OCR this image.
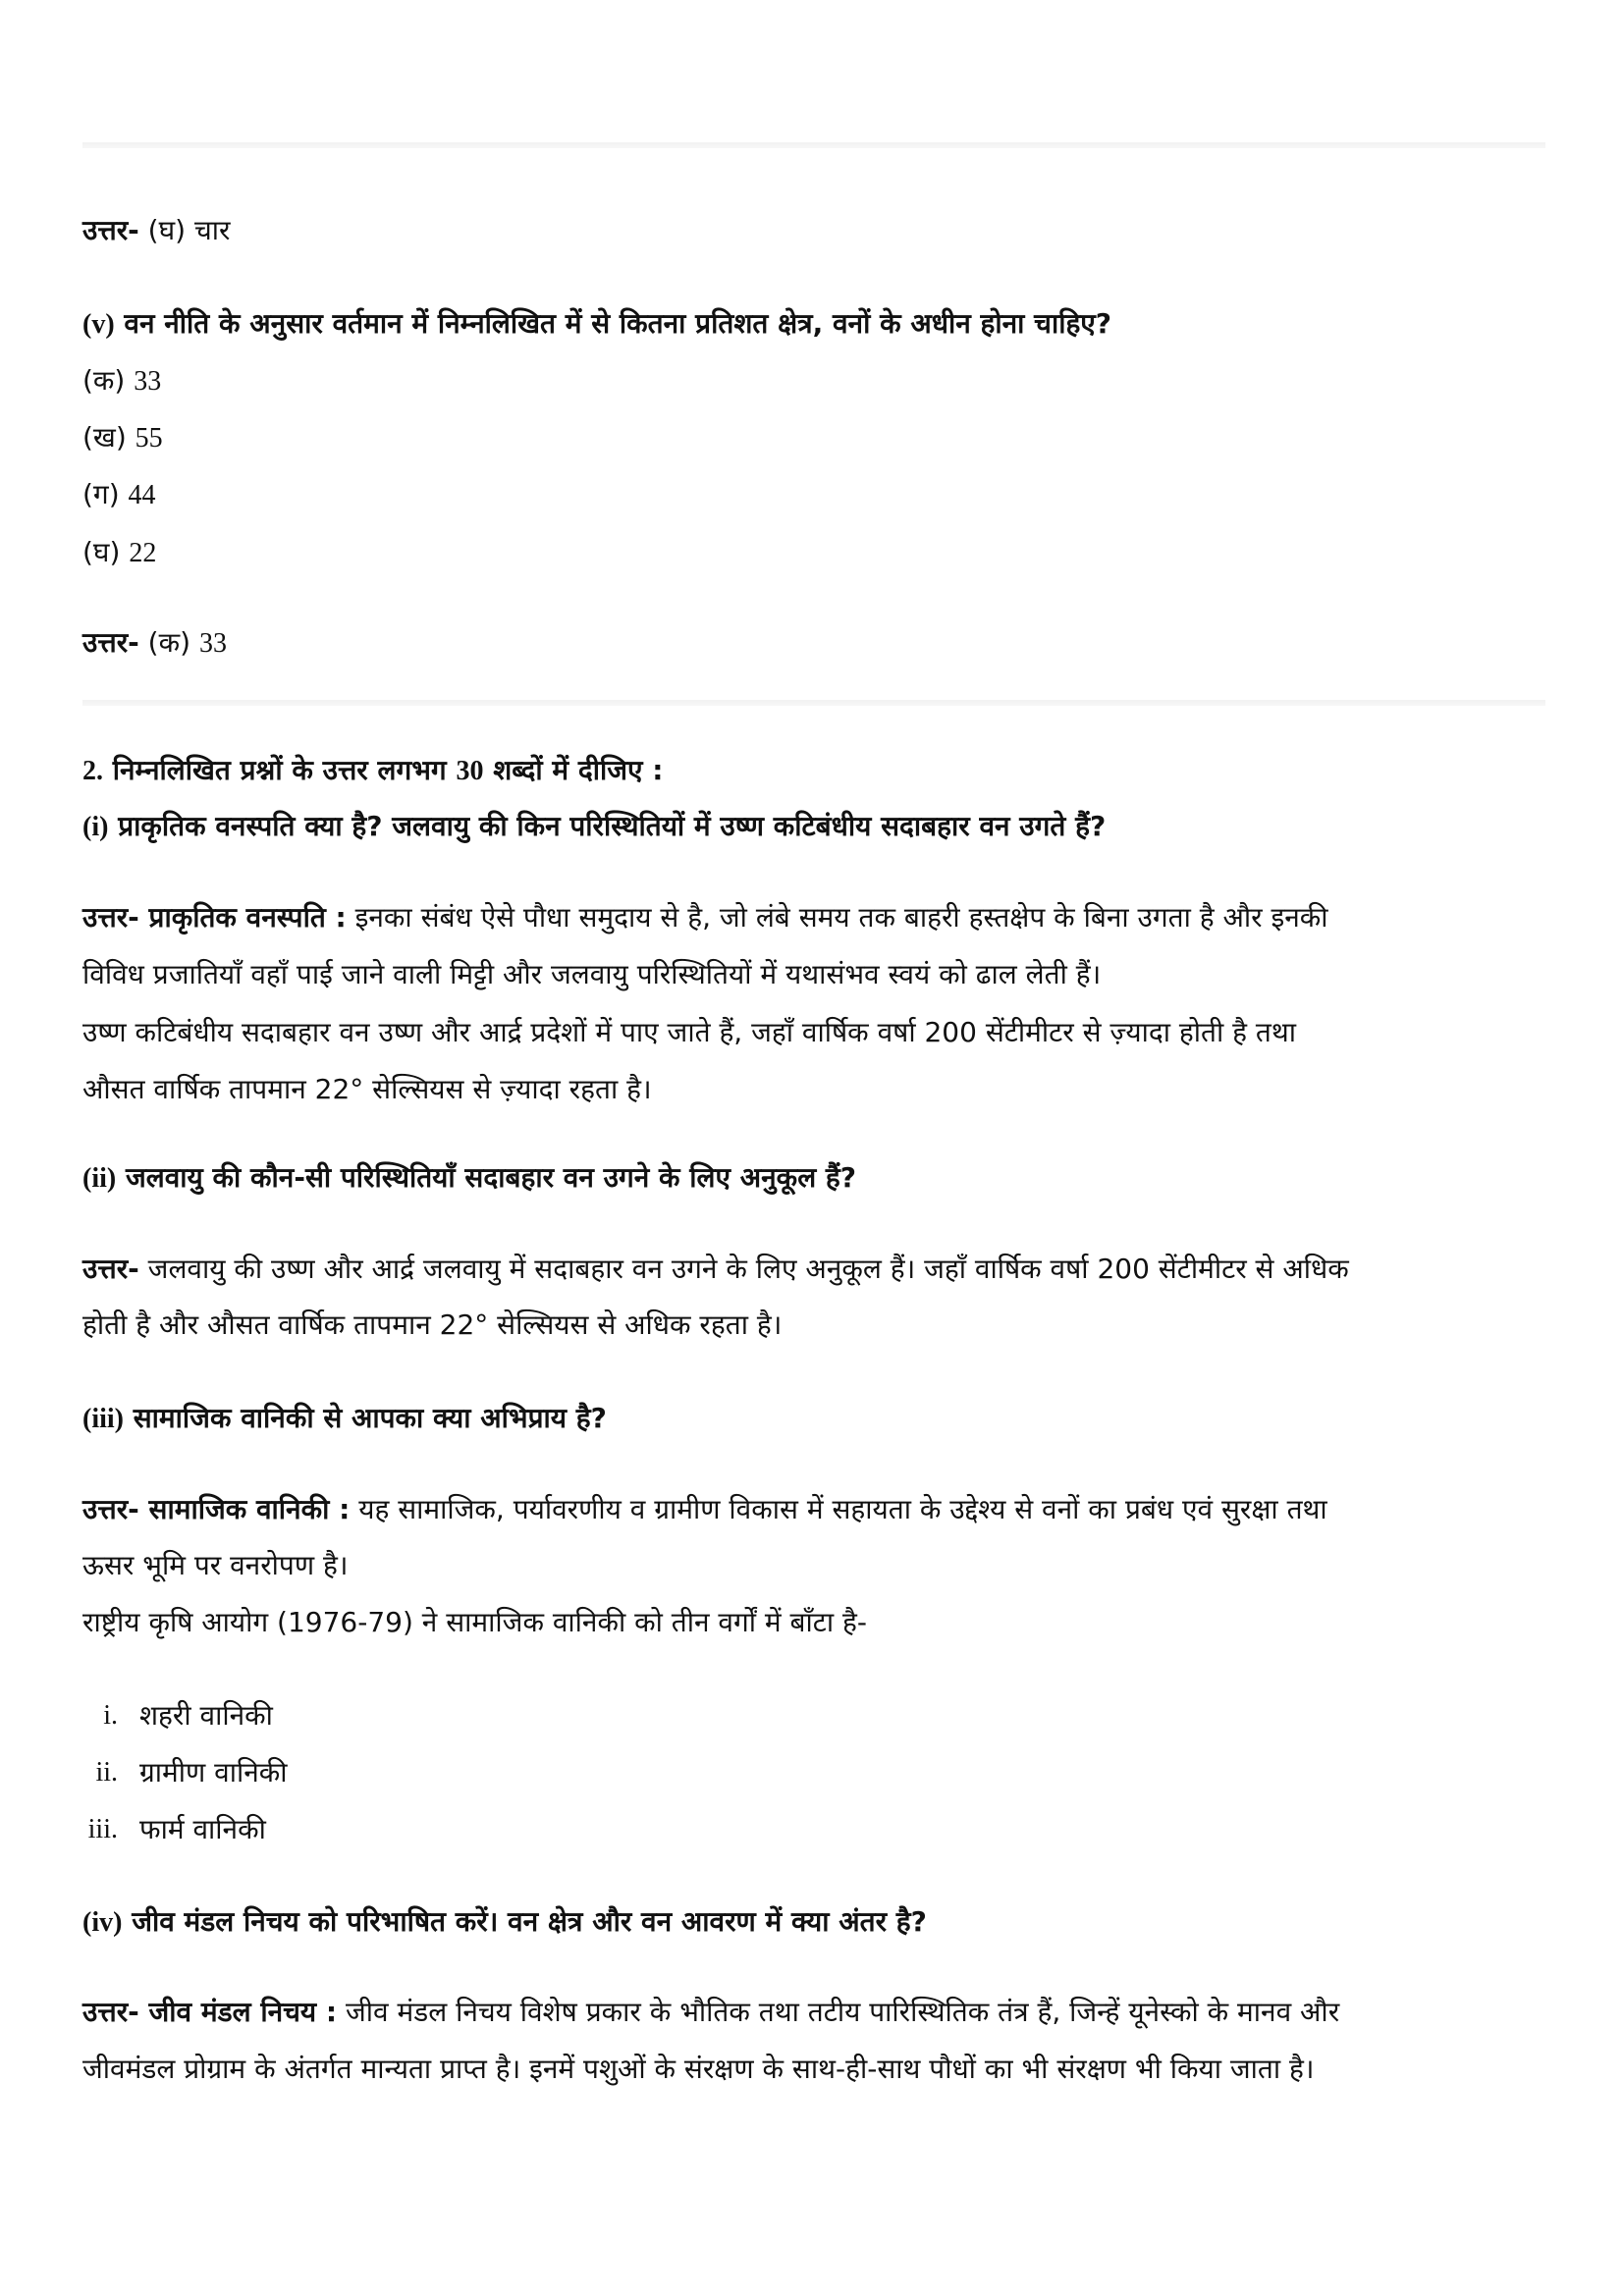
उत्तर- (घ) चार
(v) वन नीति के अनुसार वर्तमान में निम्नलिखित में से कितना प्रतिशत क्षेत्र, वनों के अधीन होना चाहिए?
(क) 33
(ख) 55
(ग) 44
(घ) 22
उत्तर- (क) 33
2. निम्नलिखित प्रश्नों के उत्तर लगभग 30 शब्दों में दीजिए :
(i) प्राकृतिक वनस्पति क्या है? जलवायु की किन परिस्थितियों में उष्ण कटिबंधीय सदाबहार वन उगते हैं?
उत्तर- प्राकृतिक वनस्पति : इनका संबंध ऐसे पौधा समुदाय से है, जो लंबे समय तक बाहरी हस्तक्षेप के बिना उगता है और इनकी
विविध प्रजातियाँ वहाँ पाई जाने वाली मिट्टी और जलवायु परिस्थितियों में यथासंभव स्वयं को ढाल लेती हैं।
उष्ण कटिबंधीय सदाबहार वन उष्ण और आर्द्र प्रदेशों में पाए जाते हैं, जहाँ वार्षिक वर्षा 200 सेंटीमीटर से ज़्यादा होती है तथा
औसत वार्षिक तापमान 22° सेल्सियस से ज़्यादा रहता है।
(ii) जलवायु की कौन-सी परिस्थितियाँ सदाबहार वन उगने के लिए अनुकूल हैं?
उत्तर- जलवायु की उष्ण और आर्द्र जलवायु में सदाबहार वन उगने के लिए अनुकूल हैं। जहाँ वार्षिक वर्षा 200 सेंटीमीटर से अधिक
होती है और औसत वार्षिक तापमान 22° सेल्सियस से अधिक रहता है।
(iii) सामाजिक वानिकी से आपका क्या अभिप्राय है?
उत्तर- सामाजिक वानिकी : यह सामाजिक, पर्यावरणीय व ग्रामीण विकास में सहायता के उद्देश्य से वनों का प्रबंध एवं सुरक्षा तथा
ऊसर भूमि पर वनरोपण है।
राष्ट्रीय कृषि आयोग (1976-79) ने सामाजिक वानिकी को तीन वर्गों में बाँटा है-
i. शहरी वानिकी
ii. ग्रामीण वानिकी
iii. फार्म वानिकी
(iv) जीव मंडल निचय को परिभाषित करें। वन क्षेत्र और वन आवरण में क्या अंतर है?
उत्तर- जीव मंडल निचय : जीव मंडल निचय विशेष प्रकार के भौतिक तथा तटीय पारिस्थितिक तंत्र हैं, जिन्हें यूनेस्को के मानव और
जीवमंडल प्रोग्राम के अंतर्गत मान्यता प्राप्त है। इनमें पशुओं के संरक्षण के साथ-ही-साथ पौधों का भी संरक्षण भी किया जाता है।
